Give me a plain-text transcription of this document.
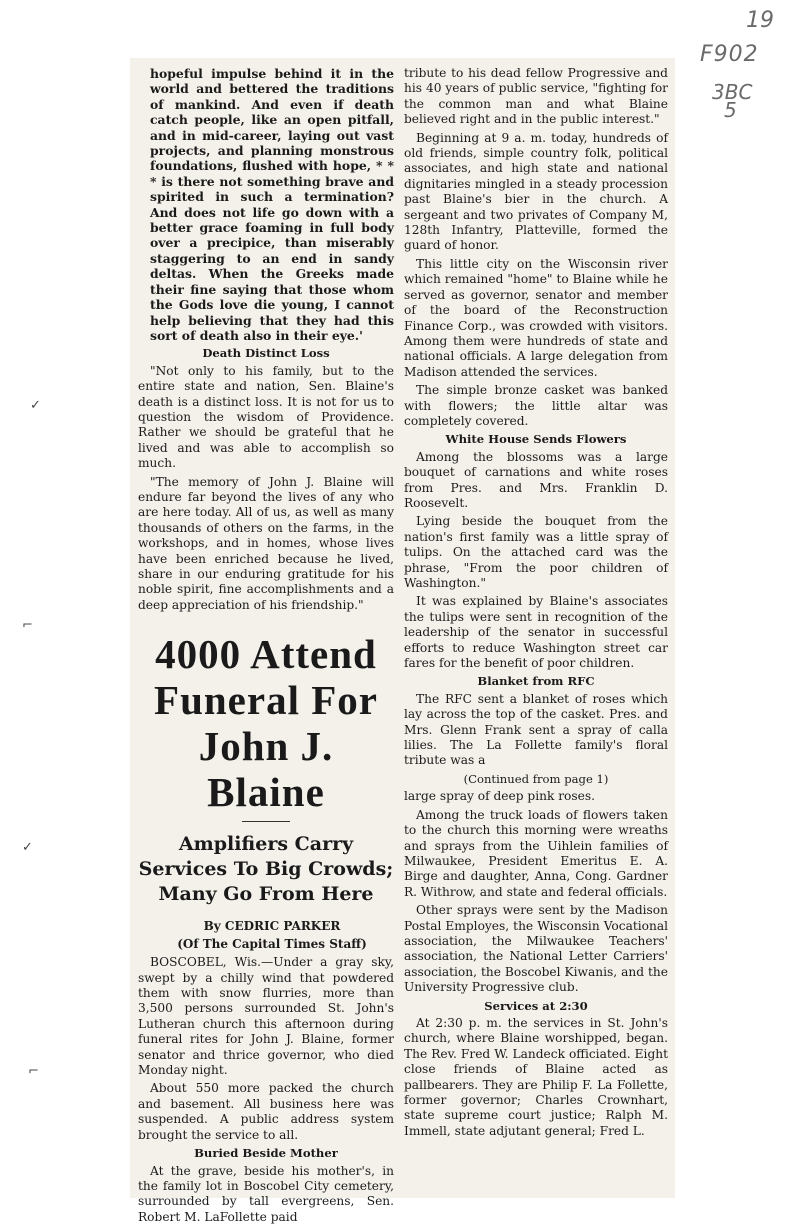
19
F902
3BC
5
✓
⌐
✓
⌐

hopeful impulse behind it in the world and bettered the traditions of mankind. And even if death catch people, like an open pitfall, and in mid-career, laying out vast projects, and planning monstrous foundations, flushed with hope, * * * is there not something brave and spirited in such a termination? And does not life go down with a better grace foaming in full body over a precipice, than miserably staggering to an end in sandy deltas. When the Greeks made their fine saying that those whom the Gods love die young, I cannot help believing that they had this sort of death also in their eye.'

Death Distinct Loss

"Not only to his family, but to the entire state and nation, Sen. Blaine's death is a distinct loss. It is not for us to question the wisdom of Providence. Rather we should be grateful that he lived and was able to accomplish so much.

"The memory of John J. Blaine will endure far beyond the lives of any who are here today. All of us, as well as many thousands of others on the farms, in the workshops, and in homes, whose lives have been enriched because he lived, share in our enduring gratitude for his noble spirit, fine accomplishments and a deep appreciation of his friendship."

4000 Attend Funeral For John J. Blaine
Amplifiers Carry Services To Big Crowds; Many Go From Here

By CEDRIC PARKER

(Of The Capital Times Staff)

BOSCOBEL, Wis.—Under a gray sky, swept by a chilly wind that powdered them with snow flurries, more than 3,500 persons surrounded St. John's Lutheran church this afternoon during funeral rites for John J. Blaine, former senator and thrice governor, who died Monday night.

About 550 more packed the church and basement. All business here was suspended. A public address system brought the service to all.

Buried Beside Mother

At the grave, beside his mother's, in the family lot in Boscobel City cemetery, surrounded by tall evergreens, Sen. Robert M. LaFollette paid

tribute to his dead fellow Progressive and his 40 years of public service, "fighting for the common man and what Blaine believed right and in the public interest."

Beginning at 9 a. m. today, hundreds of old friends, simple country folk, political associates, and high state and national dignitaries mingled in a steady procession past Blaine's bier in the church. A sergeant and two privates of Company M, 128th Infantry, Platteville, formed the guard of honor.

This little city on the Wisconsin river which remained "home" to Blaine while he served as governor, senator and member of the board of the Reconstruction Finance Corp., was crowded with visitors. Among them were hundreds of state and national officials. A large delegation from Madison attended the services.

The simple bronze casket was banked with flowers; the little altar was completely covered.

White House Sends Flowers

Among the blossoms was a large bouquet of carnations and white roses from Pres. and Mrs. Franklin D. Roosevelt.

Lying beside the bouquet from the nation's first family was a little spray of tulips. On the attached card was the phrase, "From the poor children of Washington."

It was explained by Blaine's associates the tulips were sent in recognition of the leadership of the senator in successful efforts to reduce Washington street car fares for the benefit of poor children.

Blanket from RFC

The RFC sent a blanket of roses which lay across the top of the casket. Pres. and Mrs. Glenn Frank sent a spray of calla lilies. The La Follette family's floral tribute was a

(Continued from page 1)

large spray of deep pink roses.

Among the truck loads of flowers taken to the church this morning were wreaths and sprays from the Uihlein families of Milwaukee, President Emeritus E. A. Birge and daughter, Anna, Cong. Gardner R. Withrow, and state and federal officials.

Other sprays were sent by the Madison Postal Employes, the Wisconsin Vocational association, the Milwaukee Teachers' association, the National Letter Carriers' association, the Boscobel Kiwanis, and the University Progressive club.

Services at 2:30

At 2:30 p. m. the services in St. John's church, where Blaine worshipped, began. The Rev. Fred W. Landeck officiated. Eight close friends of Blaine acted as pallbearers. They are Philip F. La Follette, former governor; Charles Crownhart, state supreme court justice; Ralph M. Immell, state adjutant general; Fred L.
